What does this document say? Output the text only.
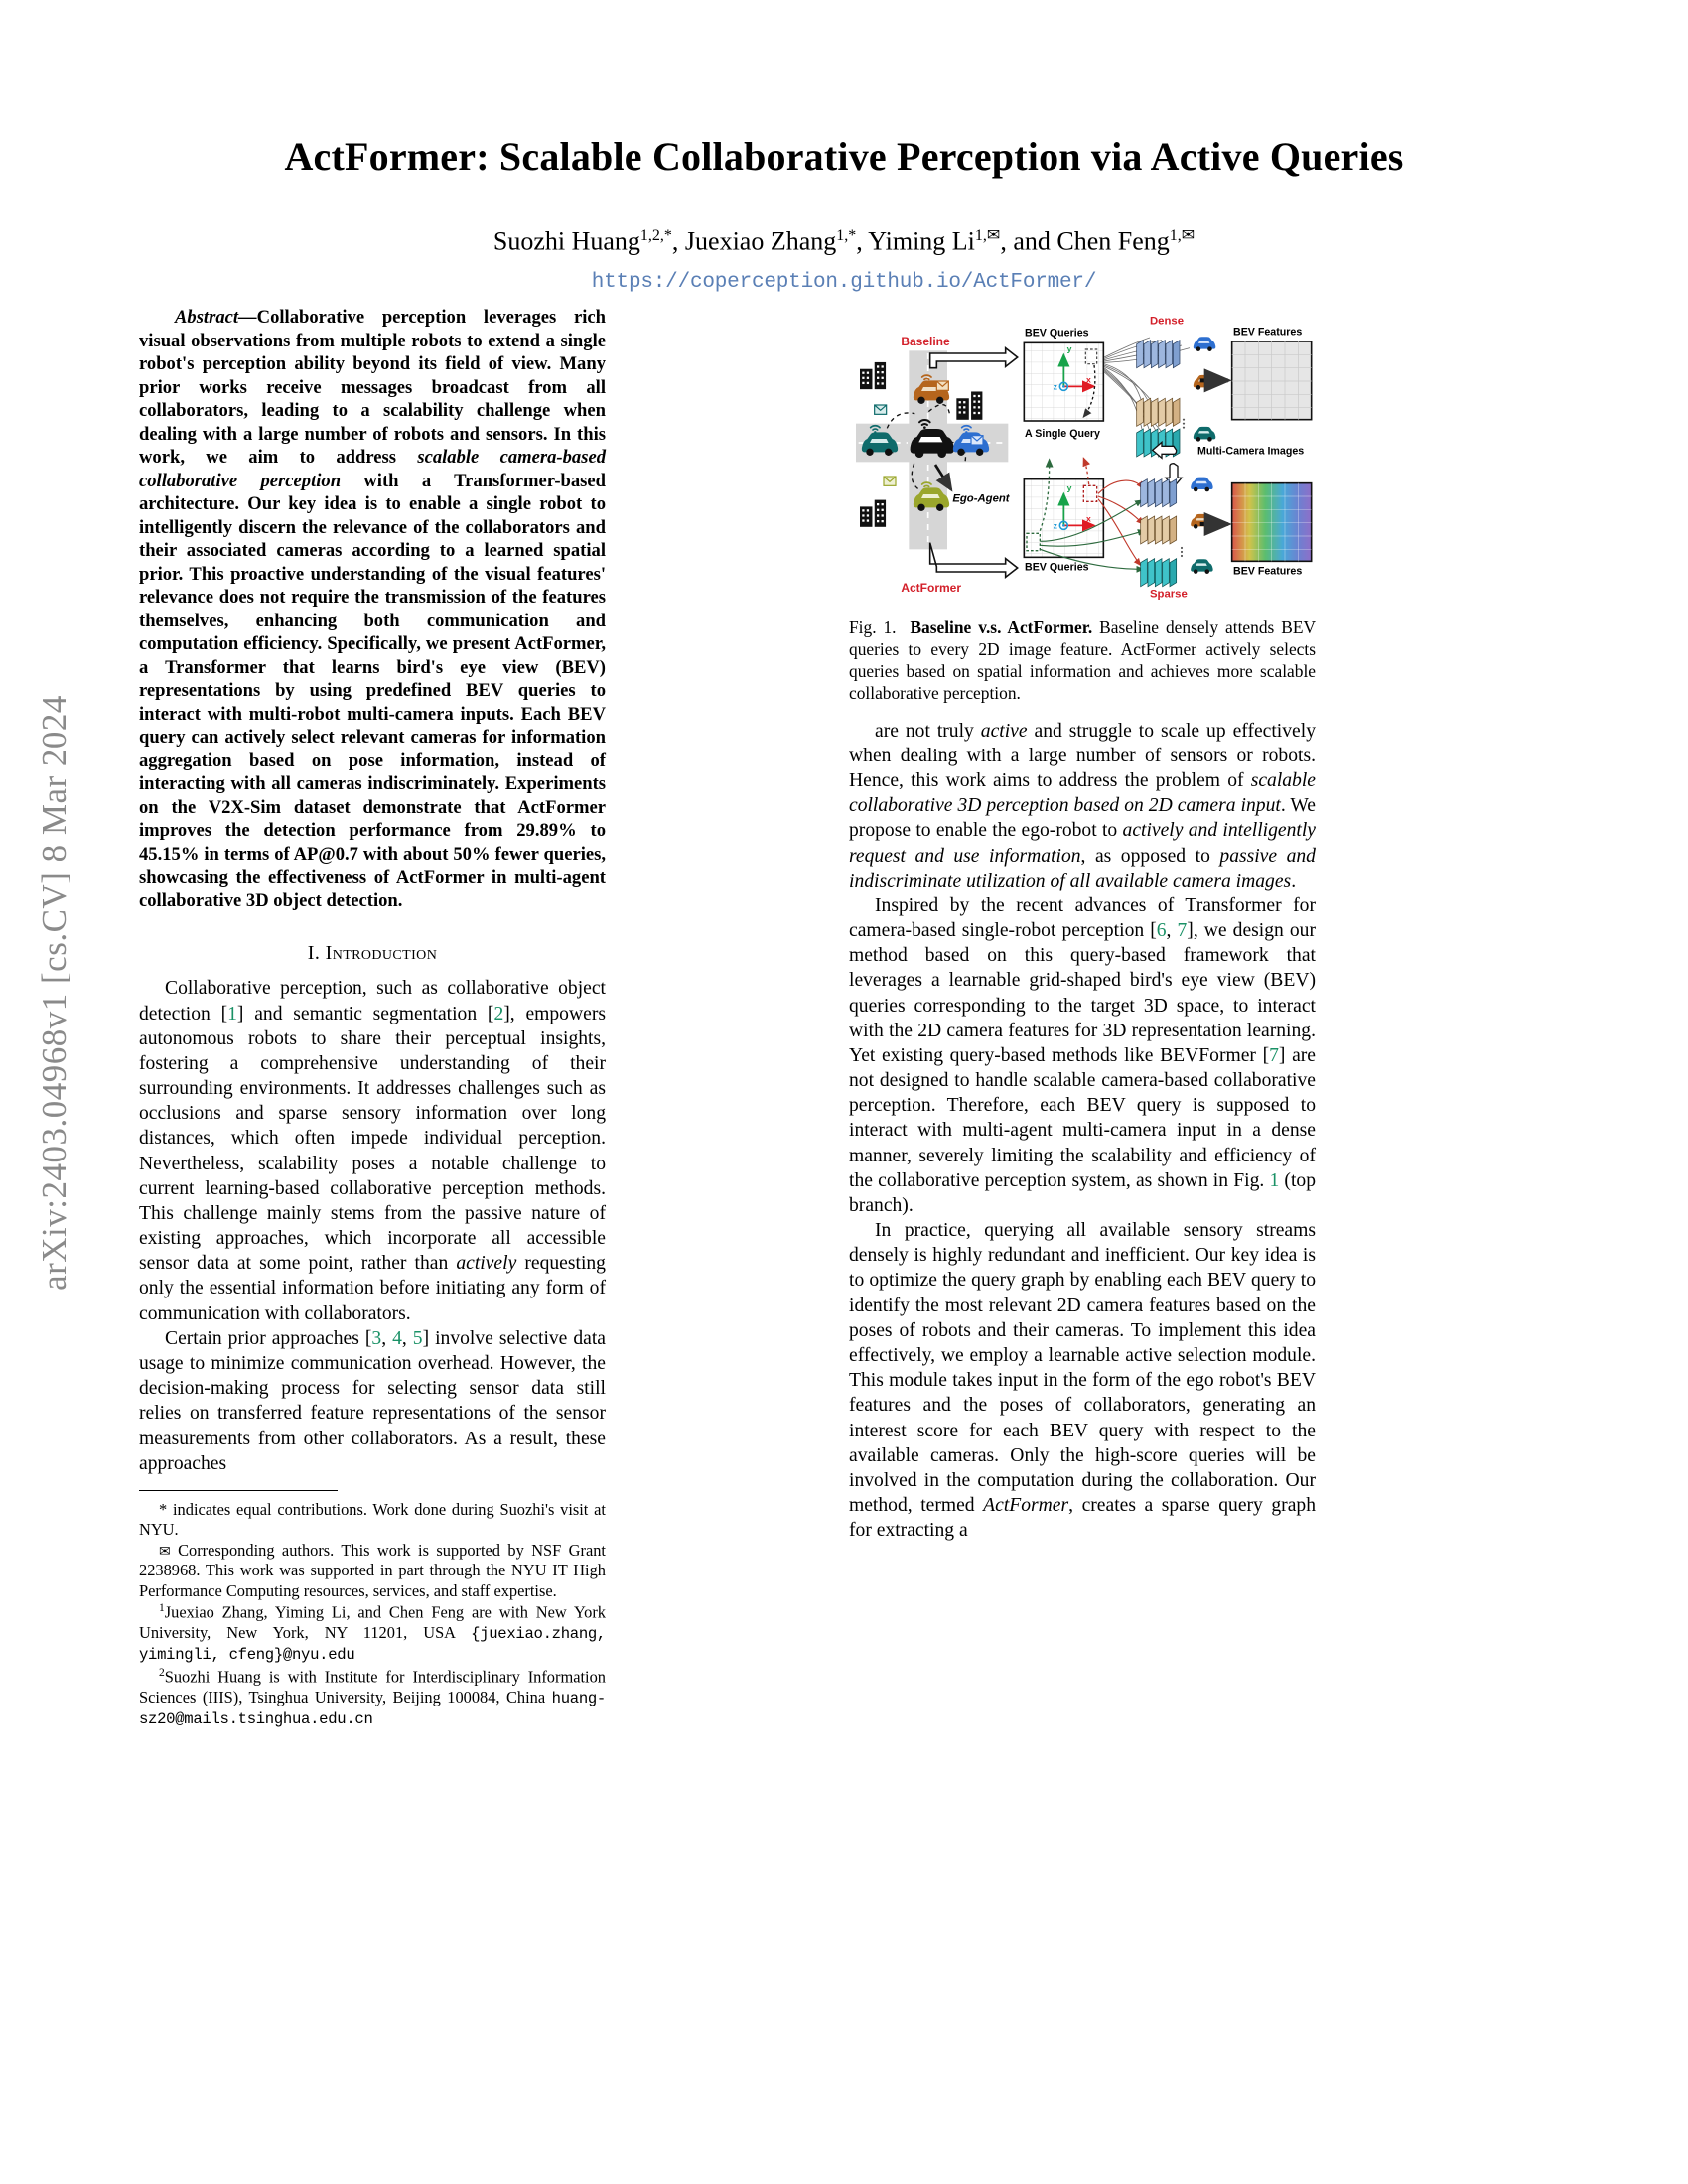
arXiv:2403.04968v1 [cs.CV] 8 Mar 2024
ActFormer: Scalable Collaborative Perception via Active Queries
Suozhi Huang$^{1,2,*}$, Juexiao Zhang$^{1,*}$, Yiming $Li^{1,✉}$, and Chen Feng$^{1,✉}$
https://coperception.github.io/ActFormer/

Abstract—Collaborative perception leverages rich visual observations from multiple robots to extend a single robot's perception ability beyond its field of view. Many prior works receive messages broadcast from all collaborators, leading to a scalability challenge when dealing with a large number of robots and sensors. In this work, we aim to address scalable camera-based collaborative perception with a Transformer-based architecture. Our key idea is to enable a single robot to intelligently discern the relevance of the collaborators and their associated cameras according to a learned spatial prior. This proactive understanding of the visual features' relevance does not require the transmission of the features themselves, enhancing both communication and computation efficiency. Specifically, we present ActFormer, a Transformer that learns bird's eye view (BEV) representations by using predefined BEV queries to interact with multi-robot multi-camera inputs. Each BEV query can actively select relevant cameras for information aggregation based on pose information, instead of interacting with all cameras indiscriminately. Experiments on the V2X-Sim dataset demonstrate that ActFormer improves the detection performance from 29.89% to 45.15% in terms of AP@0.7 with about 50% fewer queries, showcasing the effectiveness of ActFormer in multi-agent collaborative 3D object detection.

I. Introduction

Collaborative perception, such as collaborative object detection [1] and semantic segmentation [2], empowers autonomous robots to share their perceptual insights, fostering a comprehensive understanding of their surrounding environments. It addresses challenges such as occlusions and sparse sensory information over long distances, which often impede individual perception. Nevertheless, scalability poses a notable challenge to current learning-based collaborative perception methods. This challenge mainly stems from the passive nature of existing approaches, which incorporate all accessible sensor data at some point, rather than actively requesting only the essential information before initiating any form of communication with collaborators.

Certain prior approaches [3, 4, 5] involve selective data usage to minimize communication overhead. However, the decision-making process for selecting sensor data still relies on transferred feature representations of the sensor measurements from other collaborators. As a result, these approaches

* indicates equal contributions. Work done during Suozhi's visit at NYU.

✉ Corresponding authors. This work is supported by NSF Grant 2238968. This work was supported in part through the NYU IT High Performance Computing resources, services, and staff expertise.

$^1$Juexiao Zhang, Yiming Li, and Chen Feng are with New York University, New York, NY 11201, USA {juexiao.zhang, yimingli, cfeng}@nyu.edu

$^2$Suozhi Huang is with Institute for Interdisciplinary Information Sciences (IIIS), Tsinghua University, Beijing 100084, China huang-sz20@mails.tsinghua.edu.cn

Ego-Agent
Baseline
ActFormer
BEV Queries
y
x
z
A Single Query
Dense
BEV Features
Multi-Camera Images
BEV Queries
y
x
z
Sparse
BEV Features

Fig. 1. Baseline v.s. ActFormer. Baseline densely attends BEV queries to every 2D image feature. ActFormer actively selects queries based on spatial information and achieves more scalable collaborative perception.

are not truly active and struggle to scale up effectively when dealing with a large number of sensors or robots. Hence, this work aims to address the problem of scalable collaborative 3D perception based on 2D camera input. We propose to enable the ego-robot to actively and intelligently request and use information, as opposed to passive and indiscriminate utilization of all available camera images.

Inspired by the recent advances of Transformer for camera-based single-robot perception [6, 7], we design our method based on this query-based framework that leverages a learnable grid-shaped bird's eye view (BEV) queries corresponding to the target 3D space, to interact with the 2D camera features for 3D representation learning. Yet existing query-based methods like BEVFormer [7] are not designed to handle scalable camera-based collaborative perception. Therefore, each BEV query is supposed to interact with multi-agent multi-camera input in a dense manner, severely limiting the scalability and efficiency of the collaborative perception system, as shown in Fig. 1 (top branch).

In practice, querying all available sensory streams densely is highly redundant and inefficient. Our key idea is to optimize the query graph by enabling each BEV query to identify the most relevant 2D camera features based on the poses of robots and their cameras. To implement this idea effectively, we employ a learnable active selection module. This module takes input in the form of the ego robot's BEV features and the poses of collaborators, generating an interest score for each BEV query with respect to the available cameras. Only the high-score queries will be involved in the computation during the collaboration. Our method, termed ActFormer, creates a sparse query graph for extracting a
